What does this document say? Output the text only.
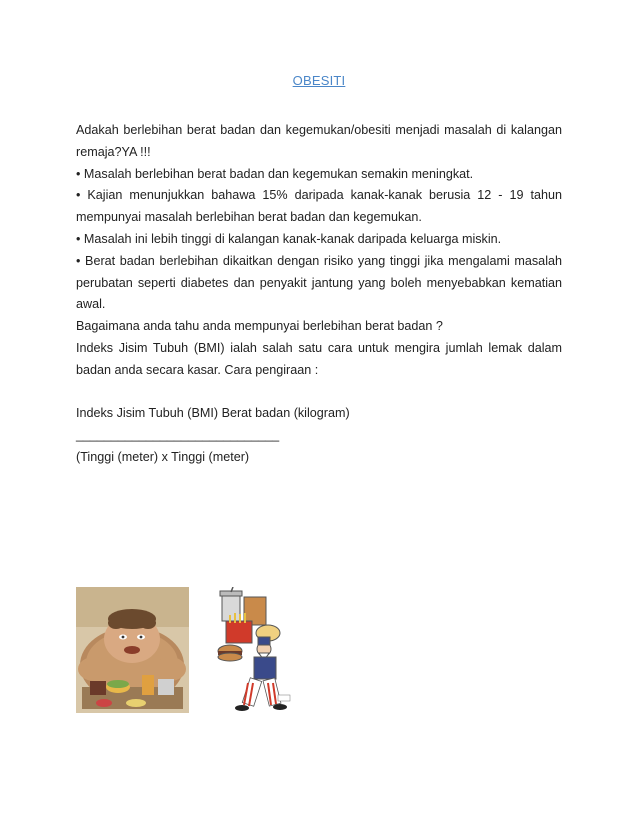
OBESITI

Adakah berlebihan berat badan dan kegemukan/obesiti menjadi masalah di kalangan remaja?YA !!!

• Masalah berlebihan berat badan dan kegemukan semakin meningkat.

• Kajian menunjukkan bahawa 15% daripada kanak-kanak berusia 12 - 19 tahun mempunyai masalah berlebihan berat badan dan kegemukan.

• Masalah ini lebih tinggi di kalangan kanak-kanak daripada keluarga miskin.

• Berat badan berlebihan dikaitkan dengan risiko yang tinggi jika mengalami masalah perubatan seperti diabetes dan penyakit jantung yang boleh menyebabkan kematian awal.

Bagaimana anda tahu anda mempunyai berlebihan berat badan ?

Indeks Jisim Tubuh (BMI) ialah salah satu cara untuk mengira jumlah lemak dalam badan anda secara kasar. Cara pengiraan :

Indeks Jisim Tubuh (BMI) Berat badan (kilogram)

_____________________________

(Tinggi (meter) x Tinggi (meter)
